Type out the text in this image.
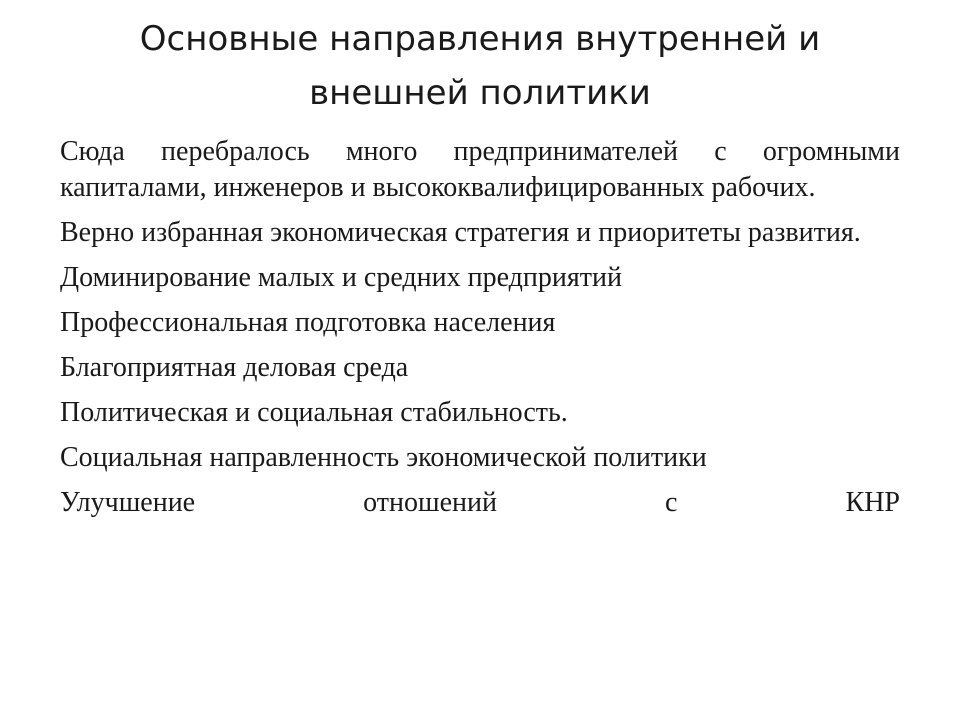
Основные направления внутренней и
внешней политики
Сюда перебралось много предпринимателей с огромными капиталами, инженеров и высококвалифицированных рабочих.
Верно избранная экономическая стратегия и приоритеты развития.
Доминирование малых и средних предприятий
Профессиональная подготовка населения
Благоприятная деловая среда
Политическая и социальная стабильность.
Социальная направленность экономической политики
Улучшение отношений с КНР
